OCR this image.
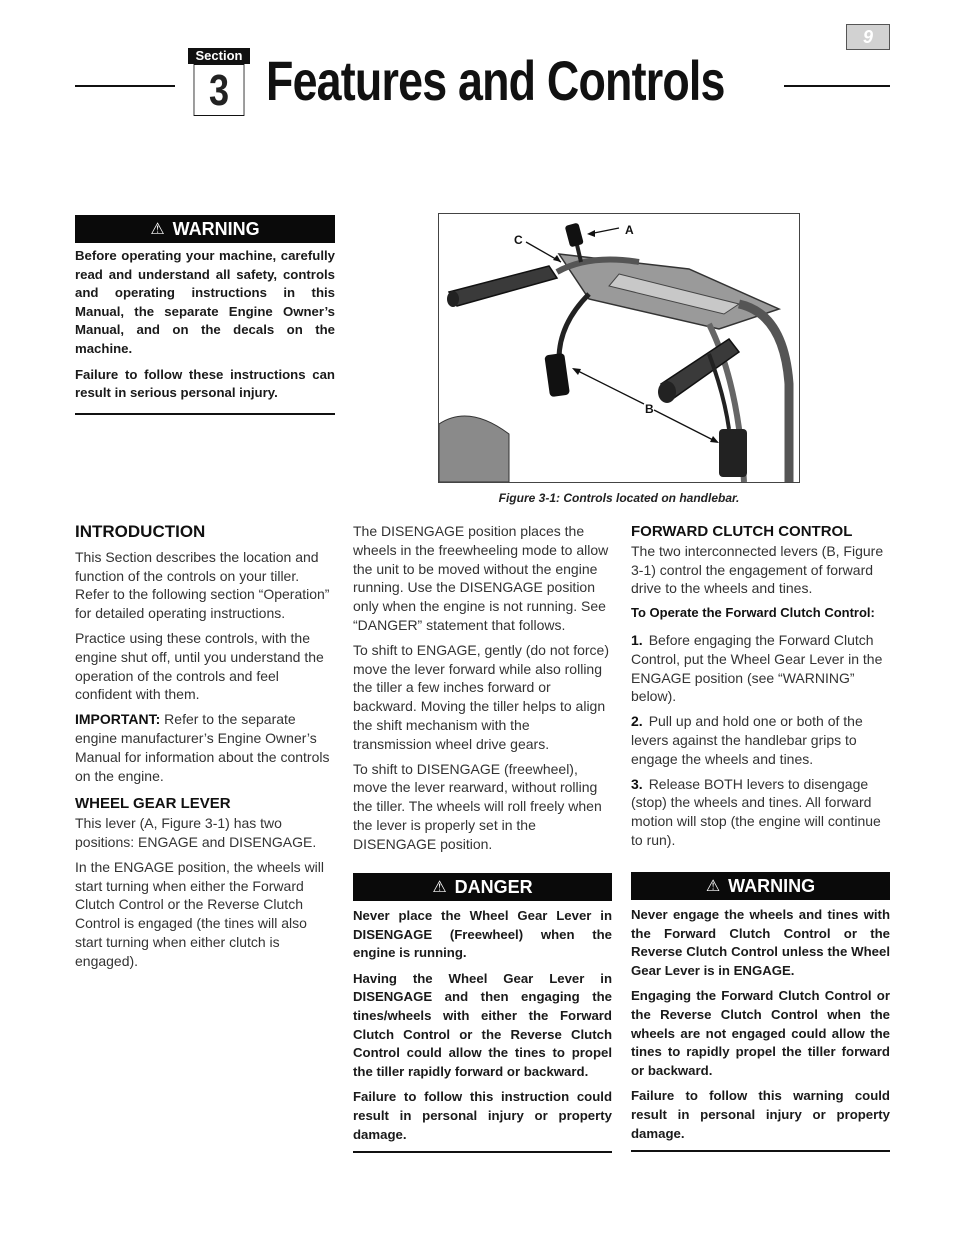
9
Section
3 Features and Controls
⚠ WARNING

Before operating your machine, carefully read and understand all safety, controls and operating instructions in this Manual, the separate Engine Owner’s Manual, and on the decals on the machine.

Failure to follow these instructions can result in serious personal injury.

A
C
B
Figure 3-1: Controls located on handlebar.
INTRODUCTION

This Section describes the location and function of the controls on your tiller. Refer to the following section “Operation” for detailed operating instructions.

Practice using these controls, with the engine shut off, until you understand the operation of the controls and feel confident with them.

IMPORTANT: Refer to the separate engine manufacturer’s Engine Owner’s Manual for information about the controls on the engine.

WHEEL GEAR LEVER

This lever (A, Figure 3-1) has two positions: ENGAGE and DISENGAGE.

In the ENGAGE position, the wheels will start turning when either the Forward Clutch Control or the Reverse Clutch Control is engaged (the tines will also start turning when either clutch is engaged).

The DISENGAGE position places the wheels in the freewheeling mode to allow the unit to be moved without the engine running. Use the DISENGAGE position only when the engine is not running. See “DANGER” statement that follows.

To shift to ENGAGE, gently (do not force) move the lever forward while also rolling the tiller a few inches forward or backward. Moving the tiller helps to align the shift mechanism with the transmission wheel drive gears.

To shift to DISENGAGE (freewheel), move the lever rearward, without rolling the tiller. The wheels will roll freely when the lever is properly set in the DISENGAGE position.

⚠ DANGER

Never place the Wheel Gear Lever in DISENGAGE (Freewheel) when the engine is running.

Having the Wheel Gear Lever in DISENGAGE and then engaging the tines/wheels with either the Forward Clutch Control or the Reverse Clutch Control could allow the tines to propel the tiller rapidly forward or backward.

Failure to follow this instruction could result in personal injury or property damage.

FORWARD CLUTCH CONTROL

The two interconnected levers (B, Figure 3-1) control the engagement of forward drive to the wheels and tines.

To Operate the Forward Clutch Control:

1. Before engaging the Forward Clutch Control, put the Wheel Gear Lever in the ENGAGE position (see “WARNING” below).

2. Pull up and hold one or both of the levers against the handlebar grips to engage the wheels and tines.

3. Release BOTH levers to disengage (stop) the wheels and tines. All forward motion will stop (the engine will continue to run).

⚠ WARNING

Never engage the wheels and tines with the Forward Clutch Control or the Reverse Clutch Control unless the Wheel Gear Lever is in ENGAGE.

Engaging the Forward Clutch Control or the Reverse Clutch Control when the wheels are not engaged could allow the tines to rapidly propel the tiller forward or backward.

Failure to follow this warning could result in personal injury or property damage.
